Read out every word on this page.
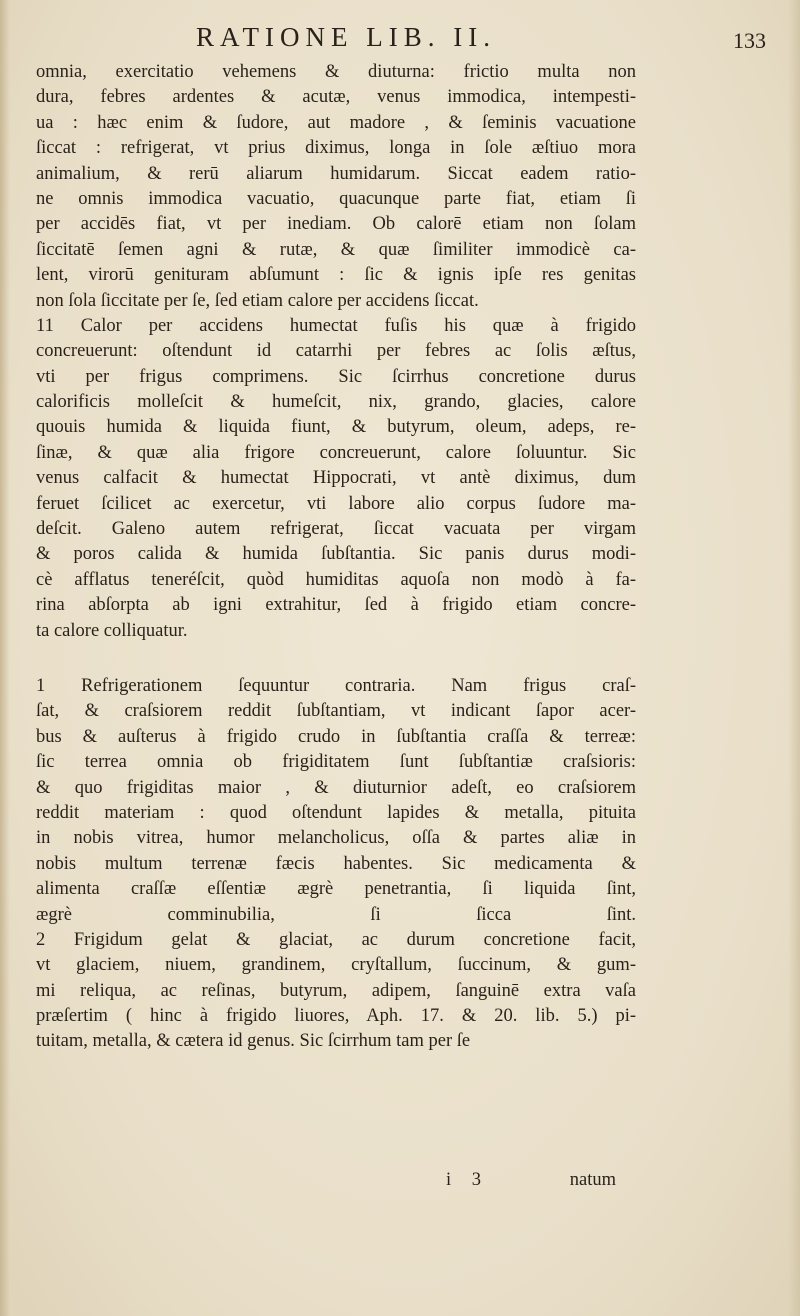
RATIONE LIB. II.	133
omnia, exercitatio vehemens & diuturna: frictio multa non
dura, febres ardentes & acutæ, venus immodica, intempesti-
ua : hæc enim & ſudore, aut madore , & ſeminis vacuatione
ſiccat : refrigerat, vt prius diximus, longa in ſole æſtiuo mora
animalium, & rerū aliarum humidarum. Siccat eadem ratio-
ne omnis immodica vacuatio, quacunque parte fiat, etiam ſi
per accidēs fiat, vt per inediam. Ob calorē etiam non ſolam
ſiccitatē ſemen agni & rutæ, & quæ ſimiliter immodicè ca-
lent, virorū genituram abſumunt : ſic & ignis ipſe res genitas
non ſola ſiccitate per ſe, ſed etiam calore per accidens ſiccat.
11 Calor per accidens humectat fuſis his quæ à frigido
concreuerunt: oſtendunt id catarrhi per febres ac ſolis æſtus,
vti per frigus comprimens. Sic ſcirrhus concretione durus
calorificis molleſcit & humeſcit, nix, grando, glacies, calore
quouis humida & liquida fiunt, & butyrum, oleum, adeps, re-
ſinæ, & quæ alia frigore concreuerunt, calore ſoluuntur. Sic
venus calfacit & humectat Hippocrati, vt antè diximus, dum
feruet ſcilicet ac exercetur, vti labore alio corpus ſudore ma-
deſcit. Galeno autem refrigerat, ſiccat vacuata per virgam
& poros calida & humida ſubſtantia. Sic panis durus modi-
cè afflatus teneréſcit, quòd humiditas aquoſa non modò à fa-
rina abſorpta ab igni extrahitur, ſed à frigido etiam concre-
ta calore colliquatur.
1 Refrigerationem ſequuntur contraria. Nam frigus craſ-
ſat, & craſsiorem reddit ſubſtantiam, vt indicant ſapor acer-
bus & auſterus à frigido crudo in ſubſtantia craſſa & terreæ:
ſic terrea omnia ob frigiditatem ſunt ſubſtantiæ craſsioris:
& quo frigiditas maior , & diuturnior adeſt, eo craſsiorem
reddit materiam : quod oſtendunt lapides & metalla, pituita
in nobis vitrea, humor melancholicus, oſſa & partes aliæ in
nobis multum terrenæ fæcis habentes. Sic medicamenta &
alimenta craſſæ eſſentiæ ægrè penetrantia, ſi liquida ſint,
ægrè comminubilia, ſi ſicca ſint.
2 Frigidum gelat & glaciat, ac durum concretione facit,
vt glaciem, niuem, grandinem, cryſtallum, ſuccinum, & gum-
mi reliqua, ac reſinas, butyrum, adipem, ſanguinē extra vaſa
præſertim ( hinc à frigido liuores, Aph. 17. & 20. lib. 5.) pi-
tuitam, metalla, & cætera id genus. Sic ſcirrhum tam per ſe
i 3	natum
